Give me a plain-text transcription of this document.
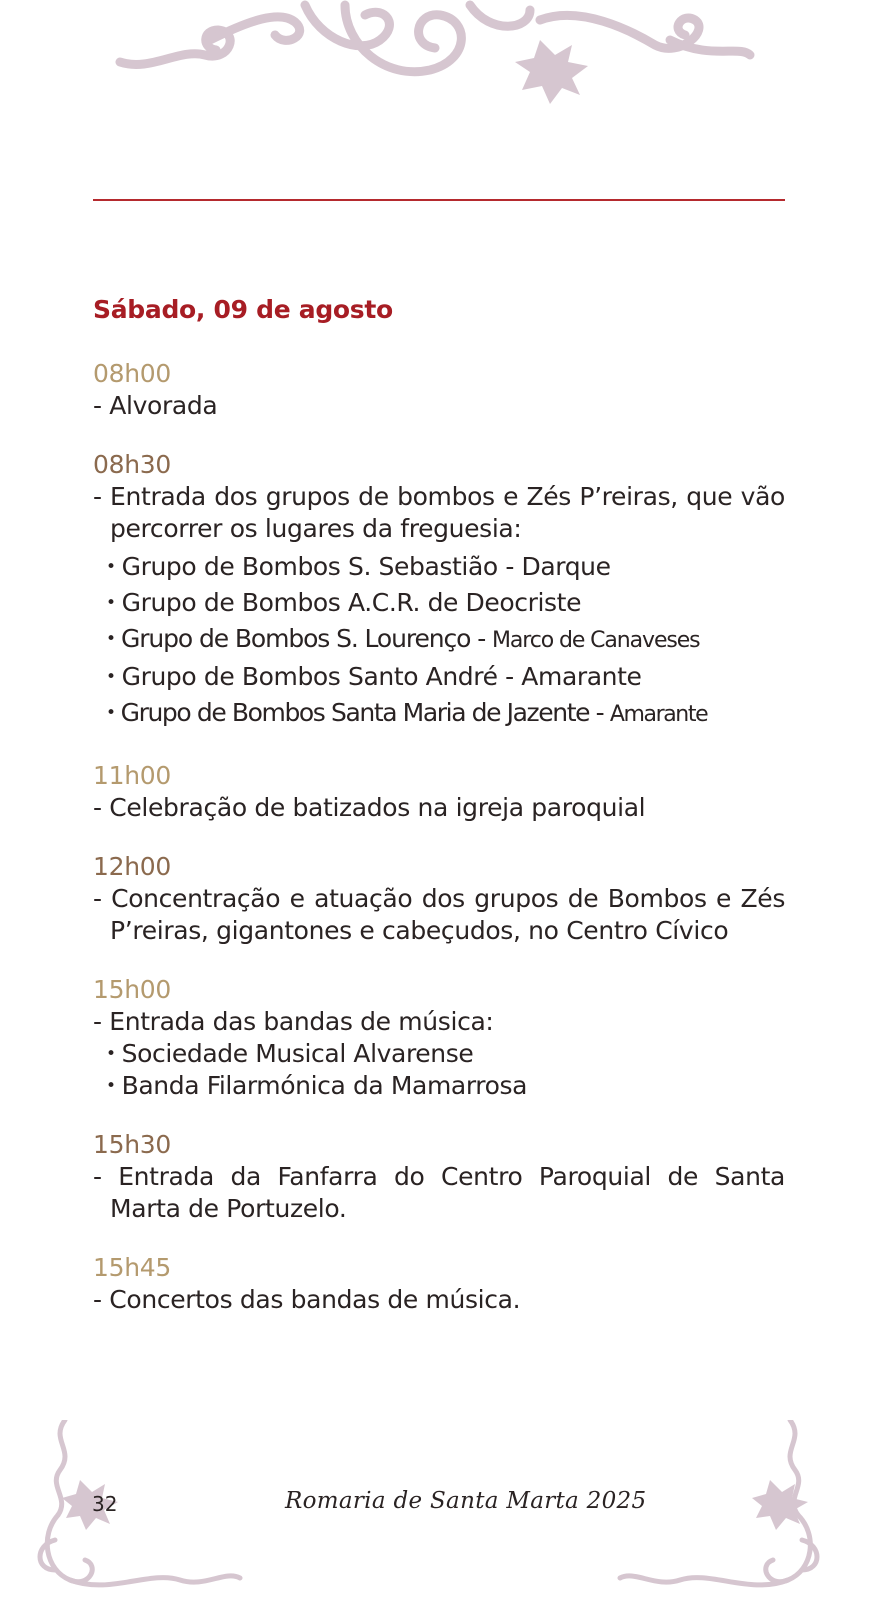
Sábado, 09 de agosto
08h00
- Alvorada
08h30
- Entrada dos grupos de bombos e Zés P’reiras, que vão percorrer os lugares da freguesia:
• Grupo de Bombos S. Sebastião - Darque
• Grupo de Bombos A.C.R. de Deocriste
• Grupo de Bombos S. Lourenço - Marco de Canaveses
• Grupo de Bombos Santo André - Amarante
• Grupo de Bombos Santa Maria de Jazente - Amarante
11h00
- Celebração de batizados na igreja paroquial
12h00
- Concentração e atuação dos grupos de Bombos e Zés P’reiras, gigantones e cabeçudos, no Centro Cívico
15h00
- Entrada das bandas de música:
• Sociedade Musical Alvarense
• Banda Filarmónica da Mamarrosa
15h30
- Entrada da Fanfarra do Centro Paroquial de Santa Marta de Portuzelo.
15h45
- Concertos das bandas de música.
32	Romaria de Santa Marta 2025
